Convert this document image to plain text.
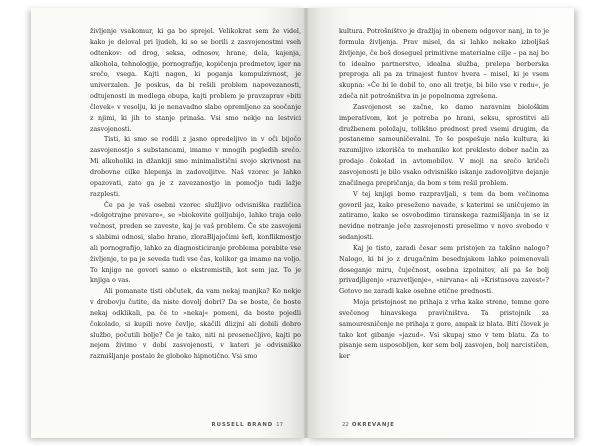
življenje vsakomur, ki ga bo sprejel. Velikokrat sem že videl, kako je deloval pri ljudeh, ki so se borili z zasvojenostmi vseh odtenkov: od drog, seksa, odnosov, hrane, dela, kajenja, alkohola, tehnologije, pornografije, kopičenja predmetov, iger na srečo, vsega. Kajti nagon, ki poganja kompulzivnost, je univerzalen. Je poskus, da bi rešili problem napovezanosti, odtujenosti in medlega obupa, kajti problem je pravzaprav »biti človek« v vesolju, ki je nenavadno slabo opremljeno za soočanje z njimi, ki jih to stanje prinaša. Vsi smo nekje na lestvici zasvojenosti.

Tisti, ki smo se rodili z jasno opredeljivo in v oči bijočo zasvojenostjo s substancami, imamo v mnogih pogledih srečo. Mi alkoholiki in džankiji smo minimalistični svojo skrivnost na drobovne cilke hlepenja in zadovoljitve. Naš vzorec je lahko opazovati, zato ga je z zavezanostjo in pomočjo tudi lažje razplesti.

Če pa je vaš osebni vzorec služljivo odvisniška različica »dolgotrajne prevare«, se »biokovite golljubijo, lahko traja celo večnost, preden se zaveste, kaj je vaš problem. Če ste zasvojeni s slabimi odnosi, slabo hrano, zloraBljajočimi šefi, konflikmostjo ali pornografijo, lahko za diagnosticiranje problema porabite vse življenje, to pa je seveda tudi vse čas, kolikor ga imamo na voljo. To knjigo ne govori samo o ekstremistih, kot sem jaz. To je knjiga o vas.

Ali pomanate tisti občutek, da vam nekaj manjka? Ko nekje v drobovju čutite, da niste dovolj dobri? Da se boste, če boste nekaj odklikali, pa če to »nekaj« pomeni, da boste pojedli čokolado, si kupili nove čevlje, skačili dlizjni ali dobili dobro službo, počutili bolje? Če je tako, niti ni presenečljivo, kajti po nejem živimo v dobi zasvojenosti, v kateri je odvisniško razmišljanje postalo že globoko hipnotično. Vsi smo

RUSSELL BRAND 17

kultura. Potrošništvo je dražljaj in obenem odgovor nanj, in to je formula življenja. Prav misel, da si lahko nekako izboljšaš življenje, če boš doseguel primitivne materialne cilje – pa naj bo to idealno partnerstvo, idealna služba, prelepa berberska preproga ali pa za trinajest funtov hvera – misel, ki je vsem skupna: »Če bi le dobil to, ono ali tretje, bi bilo vse v redu«, je zdeča nit potrošništva in je popolnoma zgrešena.

Zasvojenost se začne, ko damo naravnim biološkim imperativom, kot je potreba po hrani, seksu, sprostitvi ali družbenem položaju, tolikšno prednost pred vsemi drugim, da postanemo samouničevalni. To še pospešuje naša kultura, ki razumljivo izkorišča to mehaniko kot preklesto dober način za prodajo čokolad in avtomobilov. V moji na srečo kričeči zasvojenosti je bilo vsako odvisniško iskanje zadovoljitve dejanje značilnega prepričanja, da bom s tem rešil problem.

V tej knjigi bomo razpravljali, s tem da bom večinoma govoril jaz, kako preseženo navade, s katerimi se uničujemo in zatiramo, kako se osvobodimo tiranskega razmišljanja in se iz nevidne notranje ječe zasvojenosti preselimo v novo svobodo v sedanjosti.

Kaj je tisto, zaradi česar sem pristojen za takšno nalogo? Nalogo, ki bi jo z drugačnim besednjakom lahko poimenovali doseganje miru, čuječnost, osebna izpolnitev, ali pa še bolj privadjligenjo »razvetljenje«, »nirvana« ali »Kristusova zavest«? Gotovo ne zaradi kake osebne etične prednosti.

Moja pristojnost ne prihaja z vrha kake strene, temne gore svečenog hinavskega pravičništva. Ta pristojnik za samouresničenje ne prihaja z gore, ampak iz blata. Biti človek je tako kot gibanje »jazud«. Vsi skupaj smo v tem blatu. Za to pisanje sem usposobljen, ker sem bolj zasvojen, bolj narcističen, ker

22 OKREVANJE
